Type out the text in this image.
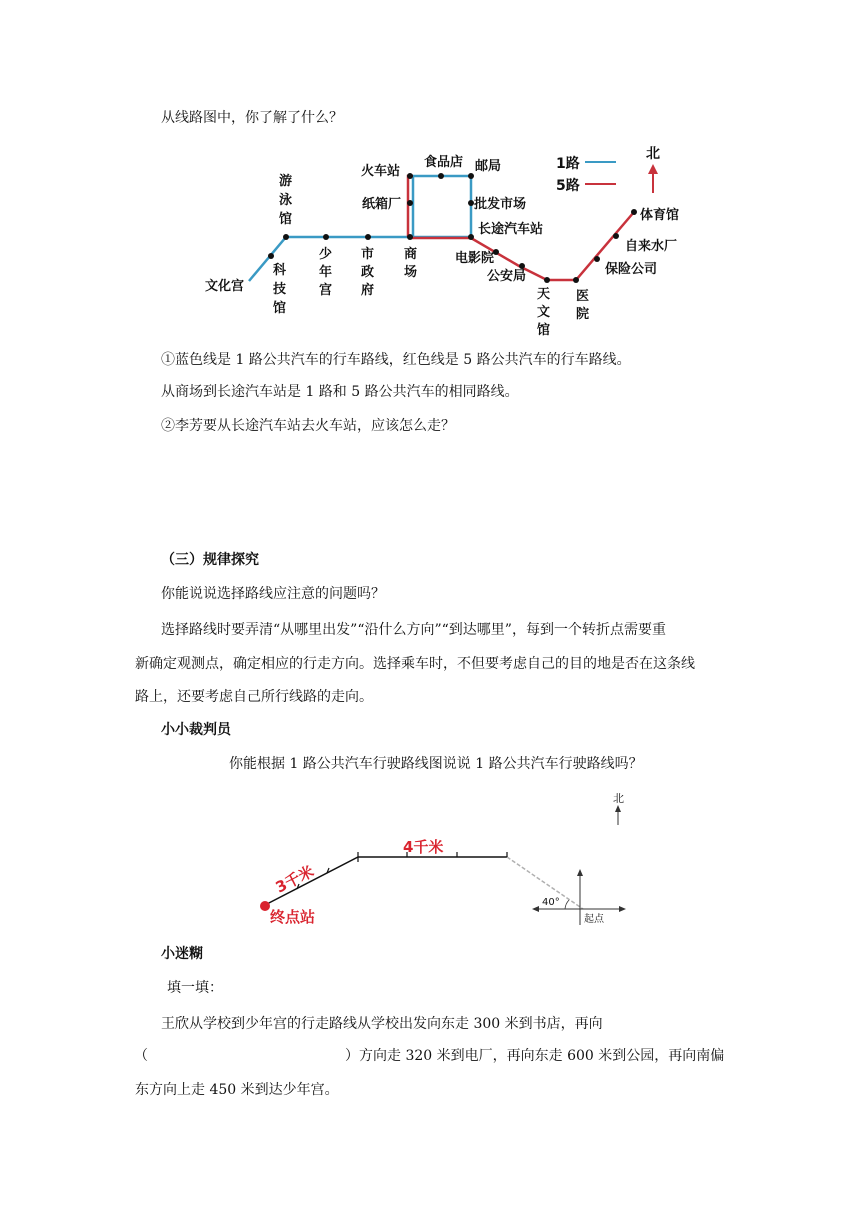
从线路图中，你了解了什么？
1路
5路
北
文化宫
科 技 馆
游 泳 馆
少 年 宫
市 政 府
商 场
纸箱厂
火车站
食品店 邮局
批发市场
长途汽车站
电影院
公安局
天 文 馆
医 院
保险公司
自来水厂
体育馆
①蓝色线是 1 路公共汽车的行车路线，红色线是 5 路公共汽车的行车路线。
从商场到长途汽车站是 1 路和 5 路公共汽车的相同路线。
②李芳要从长途汽车站去火车站，应该怎么走？
（三）规律探究
你能说说选择路线应注意的问题吗？
选择路线时要弄清“从哪里出发”“沿什么方向”“到达哪里”，每到一个转折点需要重
新确定观测点，确定相应的行走方向。选择乘车时，不但要考虑自己的目的地是否在这条线
路上，还要考虑自己所行线路的走向。
小小裁判员
你能根据 1 路公共汽车行驶路线图说说 1 路公共汽车行驶路线吗？
北
3千米
4千米
终点站
40°
起点
小迷糊
填一填：
王欣从学校到少年宫的行走路线从学校出发向东走 300 米到书店，再向
（	）方向走 320 米到电厂，再向东走 600 米到公园，再向南偏
东方向上走 450 米到达少年宫。
